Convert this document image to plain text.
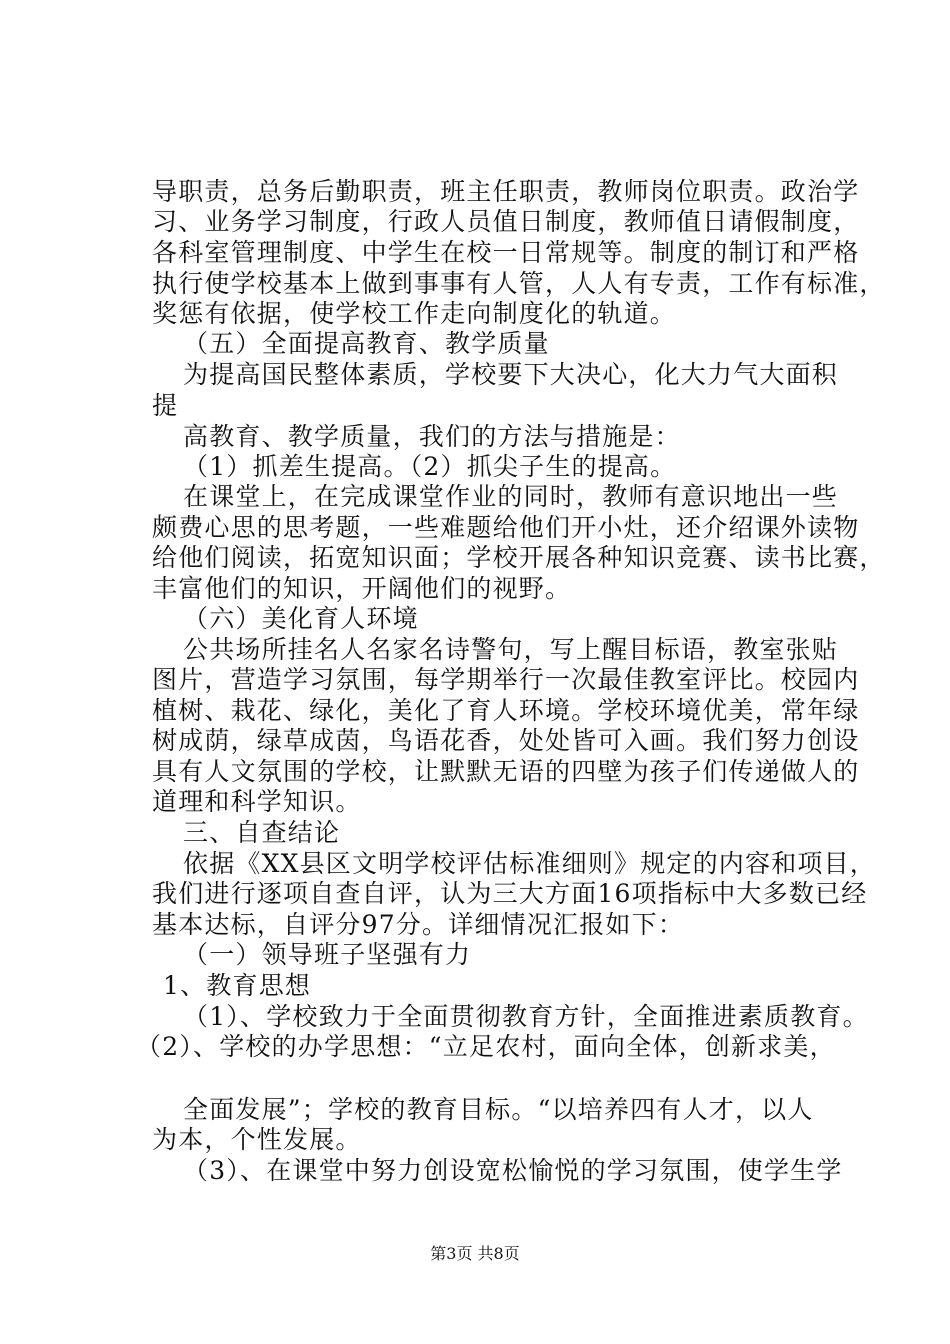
导职责，总务后勤职责，班主任职责，教师岗位职责。政治学
习、业务学习制度，行政人员值日制度，教师值日请假制度，
各科室管理制度、中学生在校一日常规等。制度的制订和严格
执行使学校基本上做到事事有人管，人人有专责，工作有标准，
奖惩有依据，使学校工作走向制度化的轨道。
（五）全面提高教育、教学质量
为提高国民整体素质，学校要下大决心，化大力气大面积
提
高教育、教学质量，我们的方法与措施是：
（1）抓差生提高。（2）抓尖子生的提高。
在课堂上，在完成课堂作业的同时，教师有意识地出一些
颇费心思的思考题，一些难题给他们开小灶，还介绍课外读物
给他们阅读，拓宽知识面；学校开展各种知识竞赛、读书比赛，
丰富他们的知识，开阔他们的视野。
（六）美化育人环境
公共场所挂名人名家名诗警句，写上醒目标语，教室张贴
图片，营造学习氛围，每学期举行一次最佳教室评比。校园内
植树、栽花、绿化，美化了育人环境。学校环境优美，常年绿
树成荫，绿草成茵，鸟语花香，处处皆可入画。我们努力创设
具有人文氛围的学校，让默默无语的四壁为孩子们传递做人的
道理和科学知识。
三、自查结论
依据《XX县区文明学校评估标准细则》规定的内容和项目，
我们进行逐项自查自评，认为三大方面16项指标中大多数已经
基本达标，自评分97分。详细情况汇报如下：
（一）领导班子坚强有力
1、教育思想
（1）、学校致力于全面贯彻教育方针，全面推进素质教育。
（2）、学校的办学思想：“立足农村，面向全体，创新求美，
全面发展”；学校的教育目标。“以培养四有人才，以人
为本，个性发展。
（3）、在课堂中努力创设宽松愉悦的学习氛围，使学生学
第3页 共8页
